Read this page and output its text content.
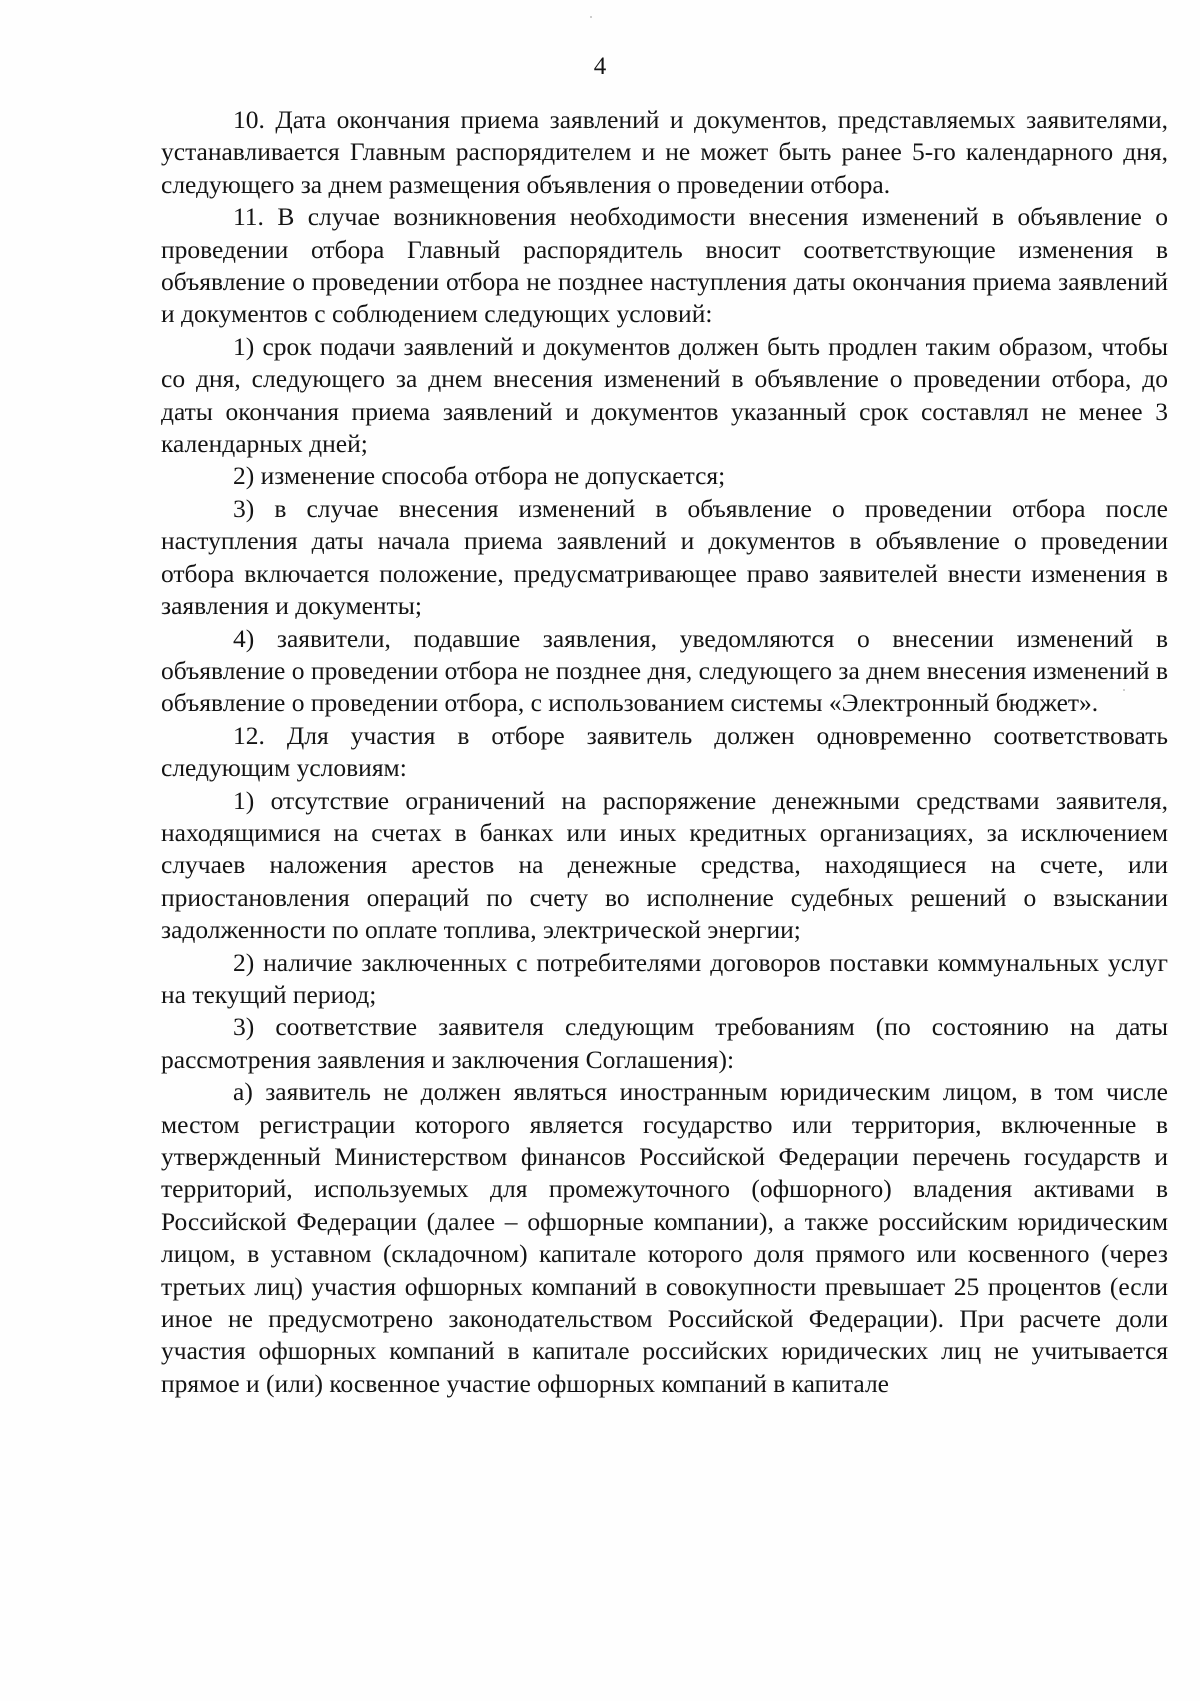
4

10. Дата окончания приема заявлений и документов, представляемых заявителями, устанавливается Главным распорядителем и не может быть ранее 5-го календарного дня, следующего за днем размещения объявления о проведении отбора.

11. В случае возникновения необходимости внесения изменений в объявление о проведении отбора Главный распорядитель вносит соответствующие изменения в объявление о проведении отбора не позднее наступления даты окончания приема заявлений и документов с соблюдением следующих условий:

1) срок подачи заявлений и документов должен быть продлен таким образом, чтобы со дня, следующего за днем внесения изменений в объявление о проведении отбора, до даты окончания приема заявлений и документов указанный срок составлял не менее 3 календарных дней;

2) изменение способа отбора не допускается;

3) в случае внесения изменений в объявление о проведении отбора после наступления даты начала приема заявлений и документов в объявление о проведении отбора включается положение, предусматривающее право заявителей внести изменения в заявления и документы;

4) заявители, подавшие заявления, уведомляются о внесении изменений в объявление о проведении отбора не позднее дня, следующего за днем внесения изменений в объявление о проведении отбора, с использованием системы «Электронный бюджет».

12. Для участия в отборе заявитель должен одновременно соответствовать следующим условиям:

1) отсутствие ограничений на распоряжение денежными средствами заявителя, находящимися на счетах в банках или иных кредитных организациях, за исключением случаев наложения арестов на денежные средства, находящиеся на счете, или приостановления операций по счету во исполнение судебных решений о взыскании задолженности по оплате топлива, электрической энергии;

2) наличие заключенных с потребителями договоров поставки коммунальных услуг на текущий период;

3) соответствие заявителя следующим требованиям (по состоянию на даты рассмотрения заявления и заключения Соглашения):

а) заявитель не должен являться иностранным юридическим лицом, в том числе местом регистрации которого является государство или территория, включенные в утвержденный Министерством финансов Российской Федерации перечень государств и территорий, используемых для промежуточного (офшорного) владения активами в Российской Федерации (далее – офшорные компании), а также российским юридическим лицом, в уставном (складочном) капитале которого доля прямого или косвенного (через третьих лиц) участия офшорных компаний в совокупности превышает 25 процентов (если иное не предусмотрено законодательством Российской Федерации). При расчете доли участия офшорных компаний в капитале российских юридических лиц не учитывается прямое и (или) косвенное участие офшорных компаний в капитале
